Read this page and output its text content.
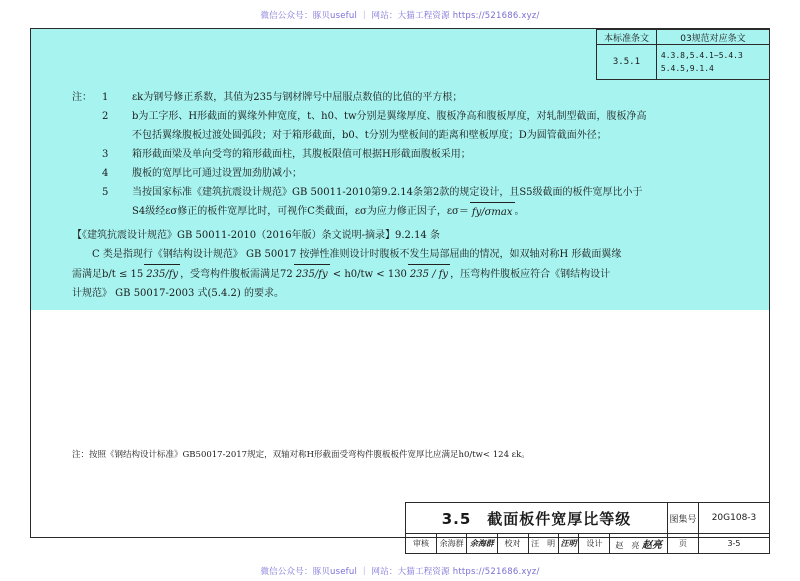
微信公众号：豚贝useful ｜ 网站：大猫工程资源 https://521686.xyz/
本标准条文	03规范对应条文
3.5.1	4.3.8,5.4.1~5.4.3
5.4.5,9.1.4
注：	1	εk为钢号修正系数，其值为235与钢材牌号中屈服点数值的比值的平方根；
2	b为工字形、H形截面的翼缘外伸宽度，t、h0、tw分别是翼缘厚度、腹板净高和腹板厚度，对轧制型截面，腹板净高
不包括翼缘腹板过渡处圆弧段；对于箱形截面，b0、t分别为壁板间的距离和壁板厚度；D为圆管截面外径；
3	箱形截面梁及单向受弯的箱形截面柱，其腹板限值可根据H形截面腹板采用；
4	腹板的宽厚比可通过设置加劲肋减小；
5	当按国家标准《建筑抗震设计规范》GB 50011-2010第9.2.14条第2款的规定设计，且S5级截面的板件宽厚比小于
S4级经εσ修正的板件宽厚比时，可视作C类截面，εσ为应力修正因子，εσ＝ fy/σmax 。
【《建筑抗震设计规范》GB 50011-2010（2016年版）条文说明-摘录】9.2.14 条
C 类是指现行《钢结构设计规范》 GB 50017 按弹性准则设计时腹板不发生局部屈曲的情况，如双轴对称H 形截面翼缘
需满足b/t ≤ 15 235/fy ，受弯构件腹板需满足72 235/fy < h0/tw < 130 235 / fy ，压弯构件腹板应符合《钢结构设计
计规范》 GB 50017-2003 式(5.4.2) 的要求。
注：按照《钢结构设计标准》GB50017-2017规定，双轴对称H形截面受弯构件腹板板件宽厚比应满足h0/tw< 124 εk。
3.5　截面板件宽厚比等级								图集号	20G108-3
审核	余海群	余海群	校对	汪　明	汪明	设计	赵　亮 赵亮	页	3-5
微信公众号：豚贝useful ｜ 网站：大猫工程资源 https://521686.xyz/
